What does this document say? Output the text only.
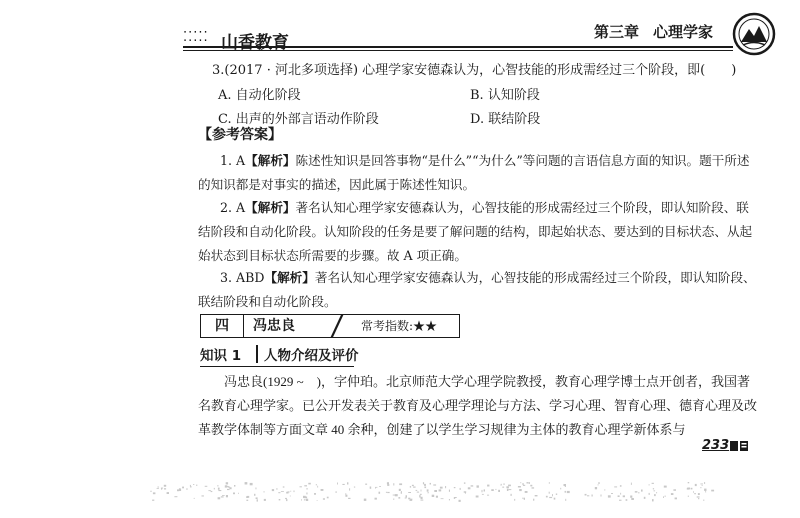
⁚⁚⁚⁚⁚ 山香教育
第三章 心理学家
3.(2017 · 河北多项选择) 心理学家安德森认为，心智技能的形成需经过三个阶段，即(　　)
A. 自动化阶段	B. 认知阶段
C. 出声的外部言语动作阶段	D. 联结阶段
【参考答案】
1. A【解析】陈述性知识是回答事物“是什么”“为什么”等问题的言语信息方面的知识。题干所述的知识都是对事实的描述，因此属于陈述性知识。
2. A【解析】著名认知心理学家安德森认为，心智技能的形成需经过三个阶段，即认知阶段、联结阶段和自动化阶段。认知阶段的任务是要了解问题的结构，即起始状态、要达到的目标状态、从起始状态到目标状态所需要的步骤。故 A 项正确。
3. ABD【解析】著名认知心理学家安德森认为，心智技能的形成需经过三个阶段，即认知阶段、联结阶段和自动化阶段。
四	冯忠良	常考指数:★★
知识 1 人物介绍及评价
冯忠良(1929 ~　)，字仲珀。北京师范大学心理学院教授，教育心理学博士点开创者，我国著名教育心理学家。已公开发表关于教育及心理学理论与方法、学习心理、智育心理、德育心理及改革教学体制等方面文章 40 余种，创建了以学生学习规律为主体的教育心理学新体系与
233
